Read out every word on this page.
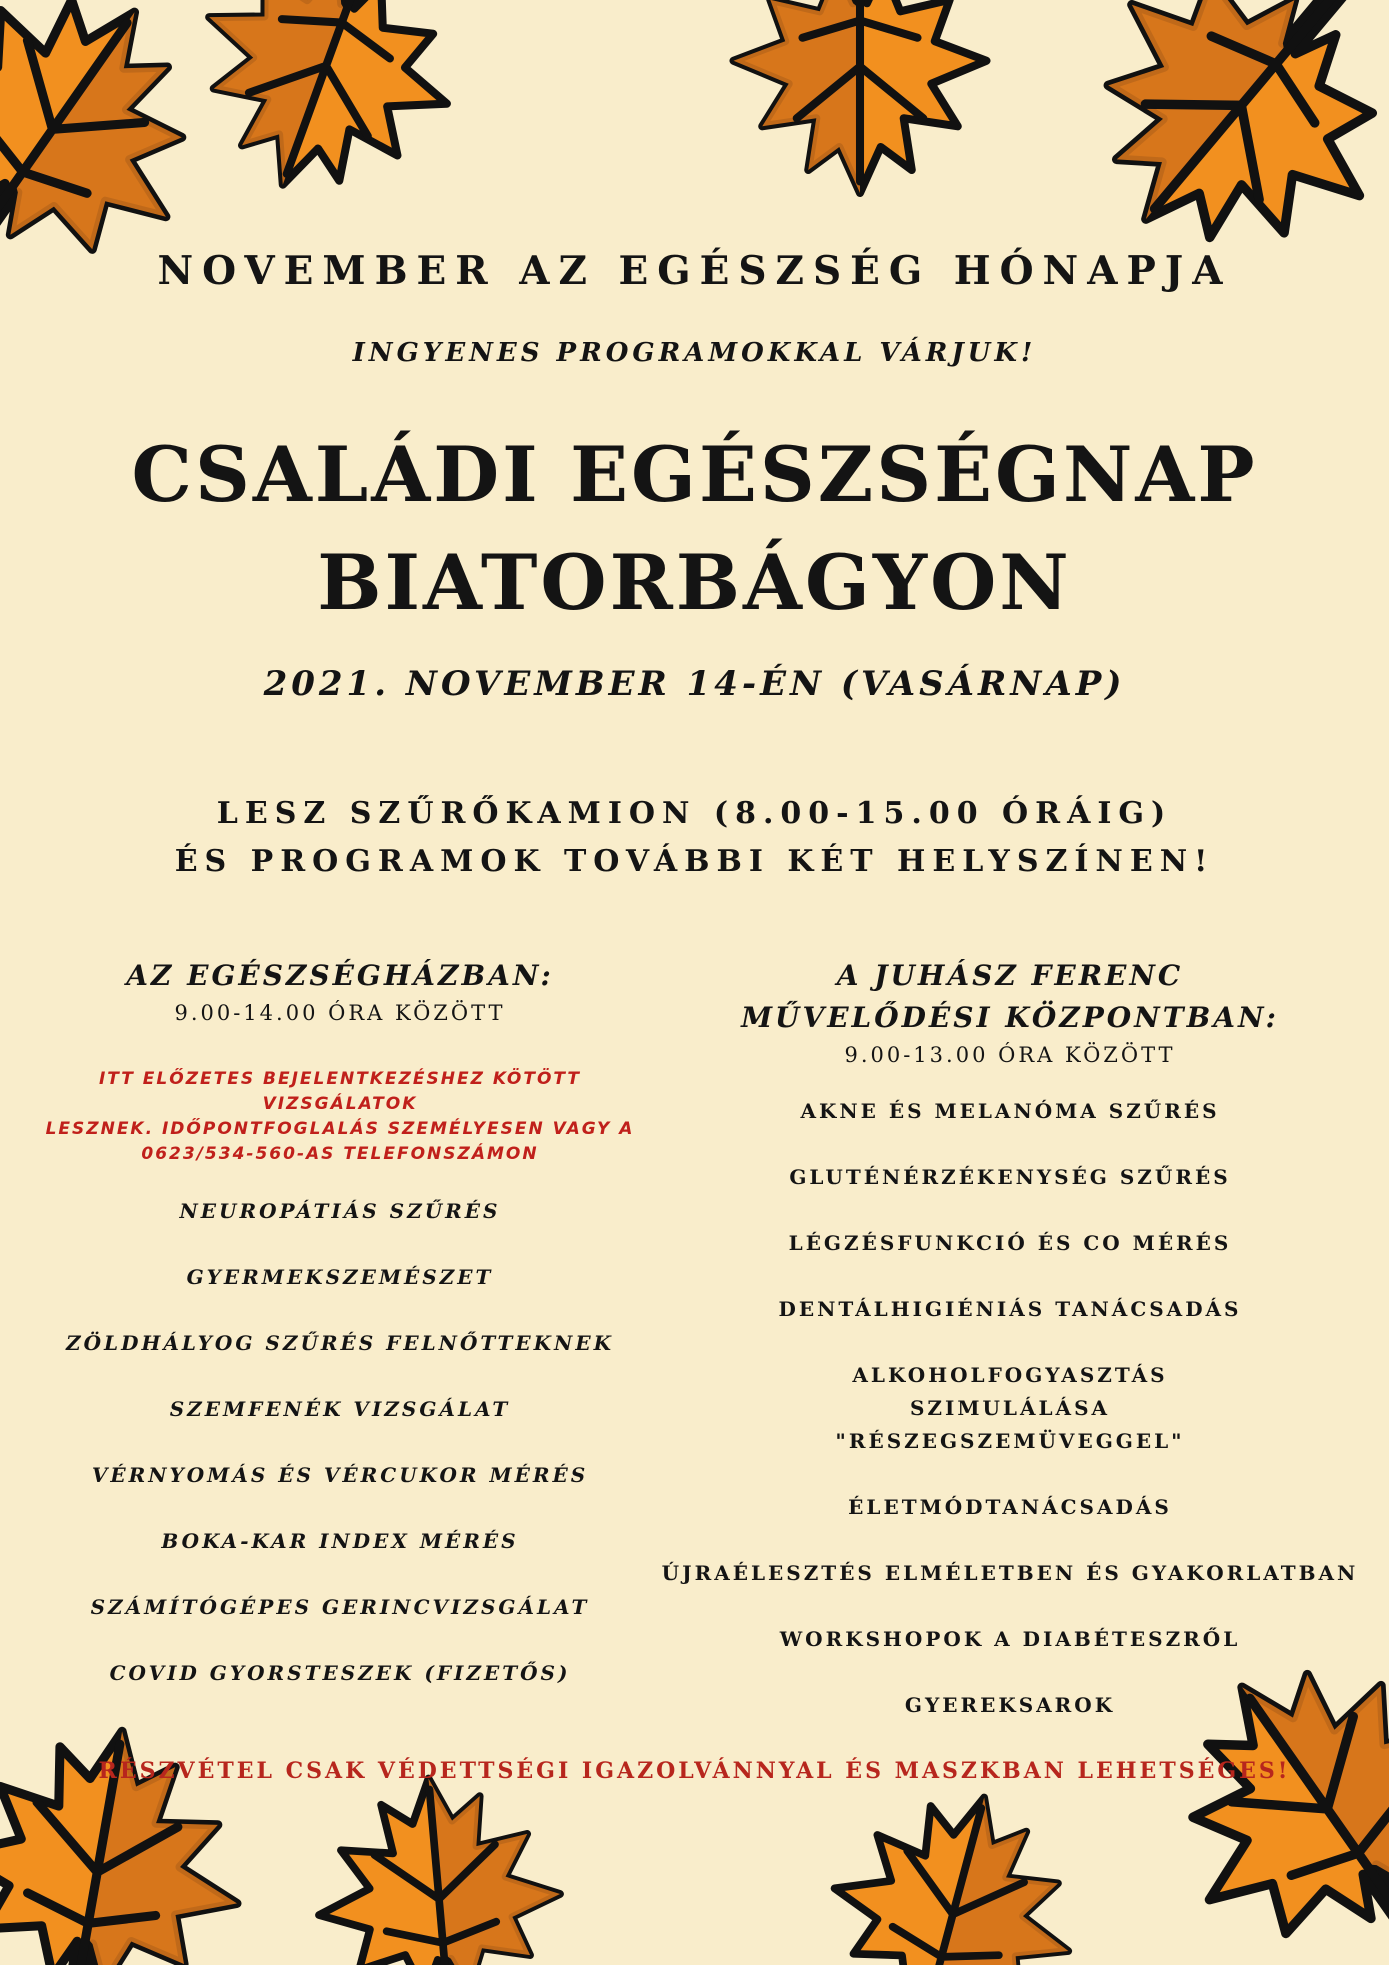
NOVEMBER AZ EGÉSZSÉG HÓNAPJA
INGYENES PROGRAMOKKAL VÁRJUK!
CSALÁDI EGÉSZSÉGNAP
BIATORBÁGYON
2021. NOVEMBER 14-ÉN (VASÁRNAP)
LESZ SZŰRŐKAMION (8.00-15.00 ÓRÁIG)
ÉS PROGRAMOK TOVÁBBI KÉT HELYSZÍNEN!
AZ EGÉSZSÉGHÁZBAN:
9.00-14.00 ÓRA KÖZÖTT
ITT ELŐZETES BEJELENTKEZÉSHEZ KÖTÖTT VIZSGÁLATOK
LESZNEK. IDŐPONTFOGLALÁS SZEMÉLYESEN VAGY A
0623/534-560-AS TELEFONSZÁMON
NEUROPÁTIÁS SZŰRÉS
GYERMEKSZEMÉSZET
ZÖLDHÁLYOG SZŰRÉS FELNŐTTEKNEK
SZEMFENÉK VIZSGÁLAT
VÉRNYOMÁS ÉS VÉRCUKOR MÉRÉS
BOKA-KAR INDEX MÉRÉS
SZÁMÍTÓGÉPES GERINCVIZSGÁLAT
COVID GYORSTESZEK (FIZETŐS)
A JUHÁSZ FERENC
MŰVELŐDÉSI KÖZPONTBAN:
9.00-13.00 ÓRA KÖZÖTT
AKNE ÉS MELANÓMA SZŰRÉS
GLUTÉNÉRZÉKENYSÉG SZŰRÉS
LÉGZÉSFUNKCIÓ ÉS CO MÉRÉS
DENTÁLHIGIÉNIÁS TANÁCSADÁS
ALKOHOLFOGYASZTÁS SZIMULÁLÁSA "RÉSZEGSZEMÜVEGGEL"
ÉLETMÓDTANÁCSADÁS
ÚJRAÉLESZTÉS ELMÉLETBEN ÉS GYAKORLATBAN
WORKSHOPOK A DIABÉTESZRŐL
GYEREKSAROK
RÉSZVÉTEL CSAK VÉDETTSÉGI IGAZOLVÁNNYAL ÉS MASZKBAN LEHETSÉGES!
